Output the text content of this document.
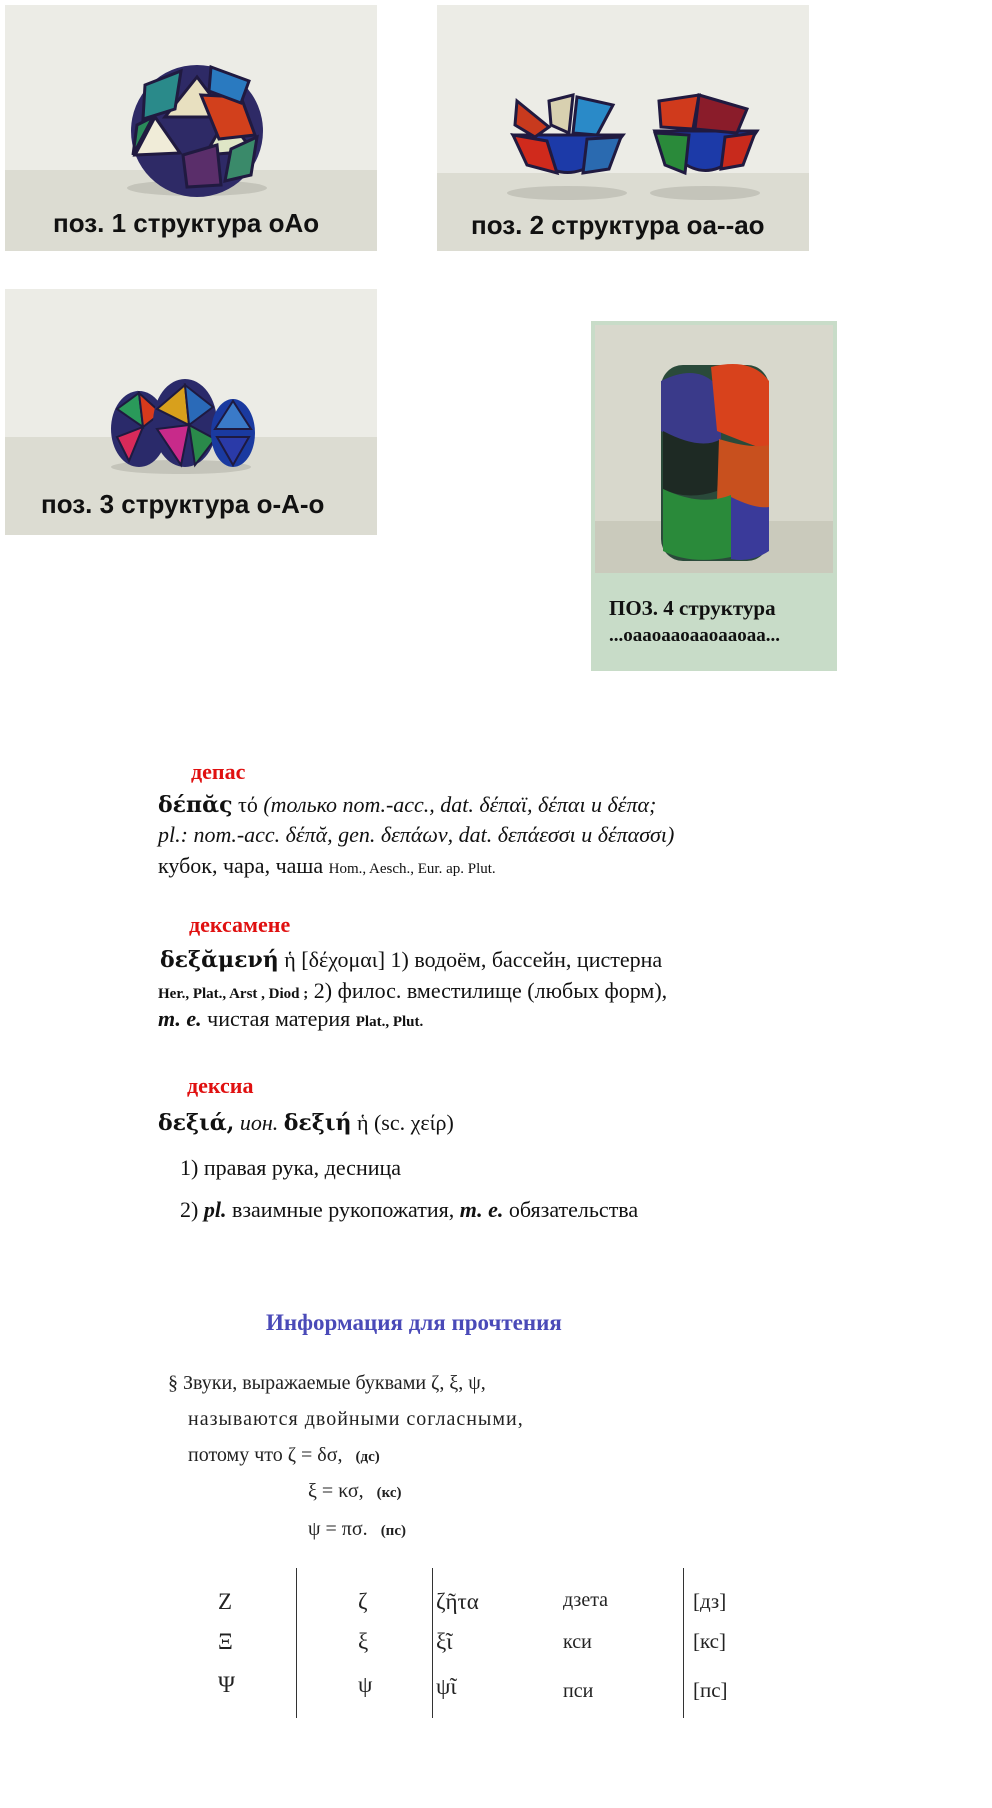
поз. 1 структура оАо	поз. 2 структура оа--ао
поз. 3 структура о-А-о
ПОЗ. 4 структура
...оаaоаaоаaоаaоаa...
депас
δέπᾰς τό (только nom.-acc., dat. δέπαϊ, δέπαι и δέπα;
pl.: nom.-acc. δέπᾰ, gen. δεπάων, dat. δεπάεσσι и δέπασσι)
кубок, чара, чаша Hom., Aesch., Eur. ap. Plut.
дексамене
δεξᾰμενή ἡ [δέχομαι] 1) водоём, бассейн, цистерна
Her., Plat., Arst , Diod ; 2) филос. вместилище (любых форм),
т. е. чистая материя Plat., Plut.
дексиа
δεξιά, ион. δεξιή ἡ (sc. χείρ)
1) правая рука, десница
2) pl. взаимные рукопожатия, т. е. обязательства
Информация для прочтения
§ Звуки, выражаемые буквами ζ, ξ, ψ,
называются двойными согласными,
потому что ζ = δσ, (дс)
ξ = κσ, (кс)
ψ = πσ. (пс)
Ζ	ζ	ζῆτα	дзета	[дз]
Ξ	ξ	ξῖ	кси	[кс]
Ψ	ψ	ψῖ	пси	[пс]
